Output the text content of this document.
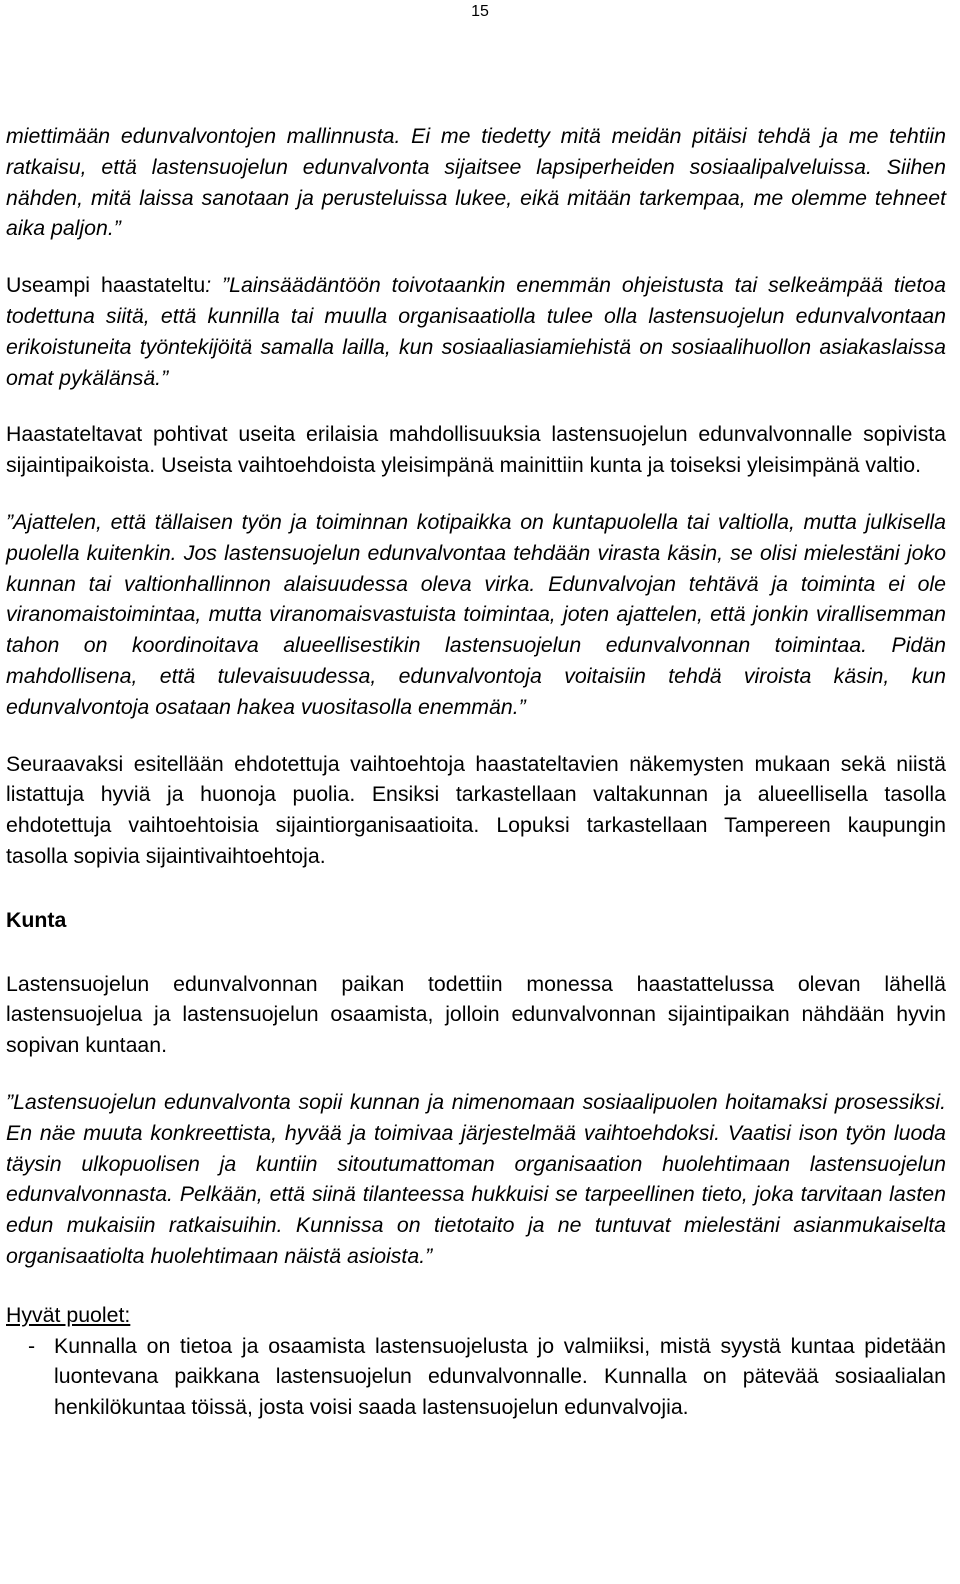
15

miettimään edunvalvontojen mallinnusta. Ei me tiedetty mitä meidän pitäisi tehdä ja me tehtiin ratkaisu, että lastensuojelun edunvalvonta sijaitsee lapsiperheiden sosiaalipalveluissa. Siihen nähden, mitä laissa sanotaan ja perusteluissa lukee, eikä mitään tarkempaa, me olemme tehneet aika paljon.”

Useampi haastateltu: ”Lainsäädäntöön toivotaankin enemmän ohjeistusta tai selkeämpää tietoa todettuna siitä, että kunnilla tai muulla organisaatiolla tulee olla lastensuojelun edunvalvontaan erikoistuneita työntekijöitä samalla lailla, kun sosiaaliasiamiehistä on sosiaalihuollon asiakaslaissa omat pykälänsä.”

Haastateltavat pohtivat useita erilaisia mahdollisuuksia lastensuojelun edunvalvonnalle sopivista sijaintipaikoista. Useista vaihtoehdoista yleisimpänä mainittiin kunta ja toiseksi yleisimpänä valtio.

”Ajattelen, että tällaisen työn ja toiminnan kotipaikka on kuntapuolella tai valtiolla, mutta julkisella puolella kuitenkin. Jos lastensuojelun edunvalvontaa tehdään virasta käsin, se olisi mielestäni joko kunnan tai valtionhallinnon alaisuudessa oleva virka. Edunvalvojan tehtävä ja toiminta ei ole viranomaistoimintaa, mutta viranomaisvastuista toimintaa, joten ajattelen, että jonkin virallisemman tahon on koordinoitava alueellisestikin lastensuojelun edunvalvonnan toimintaa. Pidän mahdollisena, että tulevaisuudessa, edunvalvontoja voitaisiin tehdä viroista käsin, kun edunvalvontoja osataan hakea vuositasolla enemmän.”

Seuraavaksi esitellään ehdotettuja vaihtoehtoja haastateltavien näkemysten mukaan sekä niistä listattuja hyviä ja huonoja puolia. Ensiksi tarkastellaan valtakunnan ja alueellisella tasolla ehdotettuja vaihtoehtoisia sijaintiorganisaatioita. Lopuksi tarkastellaan Tampereen kaupungin tasolla sopivia sijaintivaihtoehtoja.

Kunta

Lastensuojelun edunvalvonnan paikan todettiin monessa haastattelussa olevan lähellä lastensuojelua ja lastensuojelun osaamista, jolloin edunvalvonnan sijaintipaikan nähdään hyvin sopivan kuntaan.

”Lastensuojelun edunvalvonta sopii kunnan ja nimenomaan sosiaalipuolen hoitamaksi prosessiksi. En näe muuta konkreettista, hyvää ja toimivaa järjestelmää vaihtoehdoksi. Vaatisi ison työn luoda täysin ulkopuolisen ja kuntiin sitoutumattoman organisaation huolehtimaan lastensuojelun edunvalvonnasta. Pelkään, että siinä tilanteessa hukkuisi se tarpeellinen tieto, joka tarvitaan lasten edun mukaisiin ratkaisuihin. Kunnissa on tietotaito ja ne tuntuvat mielestäni asianmukaiselta organisaatiolta huolehtimaan näistä asioista.”

Hyvät puolet:

- Kunnalla on tietoa ja osaamista lastensuojelusta jo valmiiksi, mistä syystä kuntaa pidetään luontevana paikkana lastensuojelun edunvalvonnalle. Kunnalla on pätevää sosiaalialan henkilökuntaa töissä, josta voisi saada lastensuojelun edunvalvojia.
